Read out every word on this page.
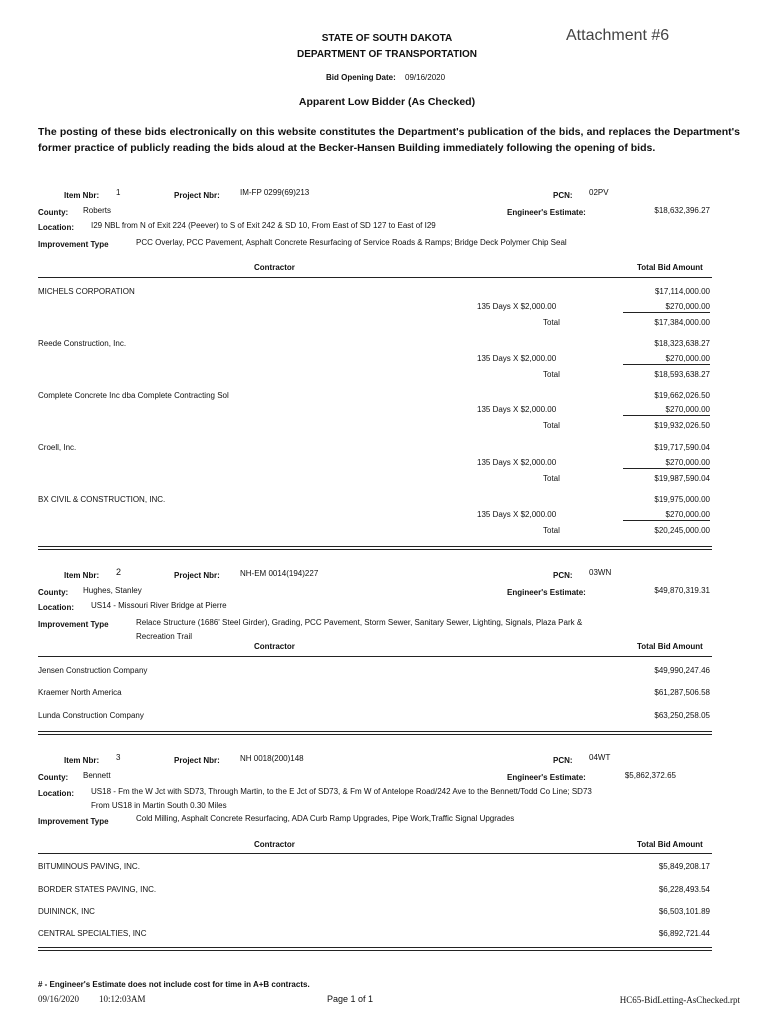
Attachment #6
STATE OF SOUTH DAKOTA
DEPARTMENT OF TRANSPORTATION
Bid Opening Date: 09/16/2020
Apparent Low Bidder (As Checked)
The posting of these bids electronically on this website constitutes the Department's publication of the bids, and replaces the Department's former practice of publicly reading the bids aloud at the Becker-Hansen Building immediately following the opening of bids.
Item Nbr: 1	Project Nbr:	IM-FP 0299(69)213	PCN: 02PV
County: Roberts	Engineer's Estimate:	$18,632,396.27
Location: I29 NBL from N of Exit 224 (Peever) to S of Exit 242 & SD 10, From East of SD 127 to East of I29
Improvement Type	PCC Overlay, PCC Pavement, Asphalt Concrete Resurfacing of Service Roads & Ramps; Bridge Deck Polymer Chip Seal
Contractor	Total Bid Amount
MICHELS CORPORATION	$17,114,000.00
135 Days X $2,000.00	$270,000.00
Total	$17,384,000.00
Reede Construction, Inc.	$18,323,638.27
135 Days X $2,000.00	$270,000.00
Total	$18,593,638.27
Complete Concrete Inc dba Complete Contracting Sol	$19,662,026.50
135 Days X $2,000.00	$270,000.00
Total	$19,932,026.50
Croell, Inc.	$19,717,590.04
135 Days X $2,000.00	$270,000.00
Total	$19,987,590.04
BX CIVIL & CONSTRUCTION, INC.	$19,975,000.00
135 Days X $2,000.00	$270,000.00
Total	$20,245,000.00
Item Nbr: 2	Project Nbr:	NH-EM 0014(194)227	PCN: 03WN
County: Hughes, Stanley	Engineer's Estimate:	$49,870,319.31
Location: US14 - Missouri River Bridge at Pierre
Improvement Type	Relace Structure (1686' Steel Girder), Grading, PCC Pavement, Storm Sewer, Sanitary Sewer, Lighting, Signals, Plaza Park &
Recreation Trail
Contractor	Total Bid Amount
Jensen Construction Company	$49,990,247.46
Kraemer North America	$61,287,506.58
Lunda Construction Company	$63,250,258.05
Item Nbr: 3	Project Nbr:	NH 0018(200)148	PCN: 04WT
County: Bennett	Engineer's Estimate:	$5,862,372.65
Location: US18 - Fm the W Jct with SD73, Through Martin, to the E Jct of SD73, & Fm W of Antelope Road/242 Ave to the Bennett/Todd Co Line; SD73
From US18 in Martin South 0.30 Miles
Improvement Type	Cold Milling, Asphalt Concrete Resurfacing, ADA Curb Ramp Upgrades, Pipe Work,Traffic Signal Upgrades
Contractor	Total Bid Amount
BITUMINOUS PAVING, INC.	$5,849,208.17
BORDER STATES PAVING, INC.	$6,228,493.54
DUININCK, INC	$6,503,101.89
CENTRAL SPECIALTIES, INC	$6,892,721.44
# - Engineer's Estimate does not include cost for time in A+B contracts.
09/16/2020 10:12:03AM	Page 1 of 1	HC65-BidLetting-AsChecked.rpt
